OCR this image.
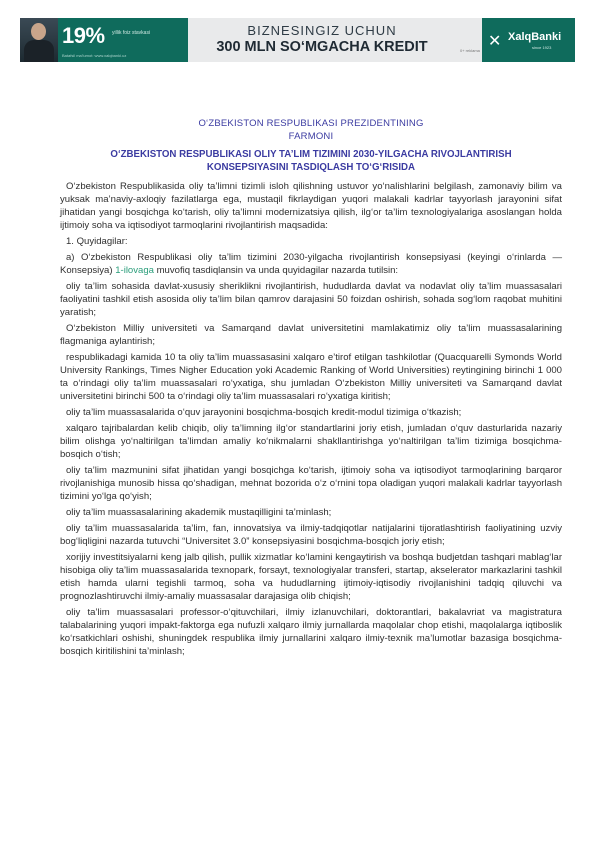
19% yillik foiz stavkasi
Batafsil ma'lumot: www.xalqbanki.uz
BIZNESINGIZ UCHUN
300 MLN SO‘MGACHA KREDIT	0+ reklama
✕ XalqBanki
since 1923
O‘ZBEKISTON RESPUBLIKASI PREZIDENTINING
FARMONI
O‘ZBEKISTON RESPUBLIKASI OLIY TA’LIM TIZIMINI 2030-YILGACHA RIVOJLANTIRISH
KONSEPSIYASINI TASDIQLASH TO‘G‘RISIDA

O‘zbekiston Respublikasida oliy ta’limni tizimli isloh qilishning ustuvor yo‘nalishlarini belgilash, zamonaviy bilim va yuksak ma’naviy-axloqiy fazilatlarga ega, mustaqil fikrlaydigan yuqori malakali kadrlar tayyorlash jarayonini sifat jihatidan yangi bosqichga ko‘tarish, oliy ta’limni modernizatsiya qilish, ilg‘or ta’lim texnologiyalariga asoslangan holda ijtimoiy soha va iqtisodiyot tarmoqlarini rivojlantirish maqsadida:

1. Quyidagilar:

a) O‘zbekiston Respublikasi oliy ta’lim tizimini 2030-yilgacha rivojlantirish konsepsiyasi (keyingi o‘rinlarda — Konsepsiya) 1-ilovaga muvofiq tasdiqlansin va unda quyidagilar nazarda tutilsin:

oliy ta’lim sohasida davlat-xususiy sheriklikni rivojlantirish, hududlarda davlat va nodavlat oliy ta’lim muassasalari faoliyatini tashkil etish asosida oliy ta’lim bilan qamrov darajasini 50 foizdan oshirish, sohada sog‘lom raqobat muhitini yaratish;

O‘zbekiston Milliy universiteti va Samarqand davlat universitetini mamlakatimiz oliy ta’lim muassasalarining flagmaniga aylantirish;

respublikadagi kamida 10 ta oliy ta’lim muassasasini xalqaro e’tirof etilgan tashkilotlar (Quacquarelli Symonds World University Rankings, Times Nigher Education yoki Academic Ranking of World Universities) reytingining birinchi 1 000 ta o‘rindagi oliy ta’lim muassasalari ro‘yxatiga, shu jumladan O‘zbekiston Milliy universiteti va Samarqand davlat universitetini birinchi 500 ta o‘rindagi oliy ta’lim muassasalari ro‘yxatiga kiritish;

oliy ta’lim muassasalarida o‘quv jarayonini bosqichma-bosqich kredit-modul tizimiga o‘tkazish;

xalqaro tajribalardan kelib chiqib, oliy ta’limning ilg‘or standartlarini joriy etish, jumladan o‘quv dasturlarida nazariy bilim olishga yo‘naltirilgan ta’limdan amaliy ko‘nikmalarni shakllantirishga yo‘naltirilgan ta’lim tizimiga bosqichma-bosqich o‘tish;

oliy ta’lim mazmunini sifat jihatidan yangi bosqichga ko‘tarish, ijtimoiy soha va iqtisodiyot tarmoqlarining barqaror rivojlanishiga munosib hissa qo‘shadigan, mehnat bozorida o‘z o‘rnini topa oladigan yuqori malakali kadrlar tayyorlash tizimini yo‘lga qo‘yish;

oliy ta’lim muassasalarining akademik mustaqilligini ta’minlash;

oliy ta’lim muassasalarida ta’lim, fan, innovatsiya va ilmiy-tadqiqotlar natijalarini tijoratlashtirish faoliyatining uzviy bog‘liqligini nazarda tutuvchi “Universitet 3.0” konsepsiyasini bosqichma-bosqich joriy etish;

xorijiy investitsiyalarni keng jalb qilish, pullik xizmatlar ko‘lamini kengaytirish va boshqa budjetdan tashqari mablag‘lar hisobiga oliy ta’lim muassasalarida texnopark, forsayt, texnologiyalar transferi, startap, akselerator markazlarini tashkil etish hamda ularni tegishli tarmoq, soha va hududlarning ijtimoiy-iqtisodiy rivojlanishini tadqiq qiluvchi va prognozlashtiruvchi ilmiy-amaliy muassasalar darajasiga olib chiqish;

oliy ta’lim muassasalari professor-o‘qituvchilari, ilmiy izlanuvchilari, doktorantlari, bakalavriat va magistratura talabalarining yuqori impakt-faktorga ega nufuzli xalqaro ilmiy jurnallarda maqolalar chop etishi, maqolalarga iqtiboslik ko‘rsatkichlari oshishi, shuningdek respublika ilmiy jurnallarini xalqaro ilmiy-texnik ma’lumotlar bazasiga bosqichma-bosqich kiritilishini ta’minlash;
